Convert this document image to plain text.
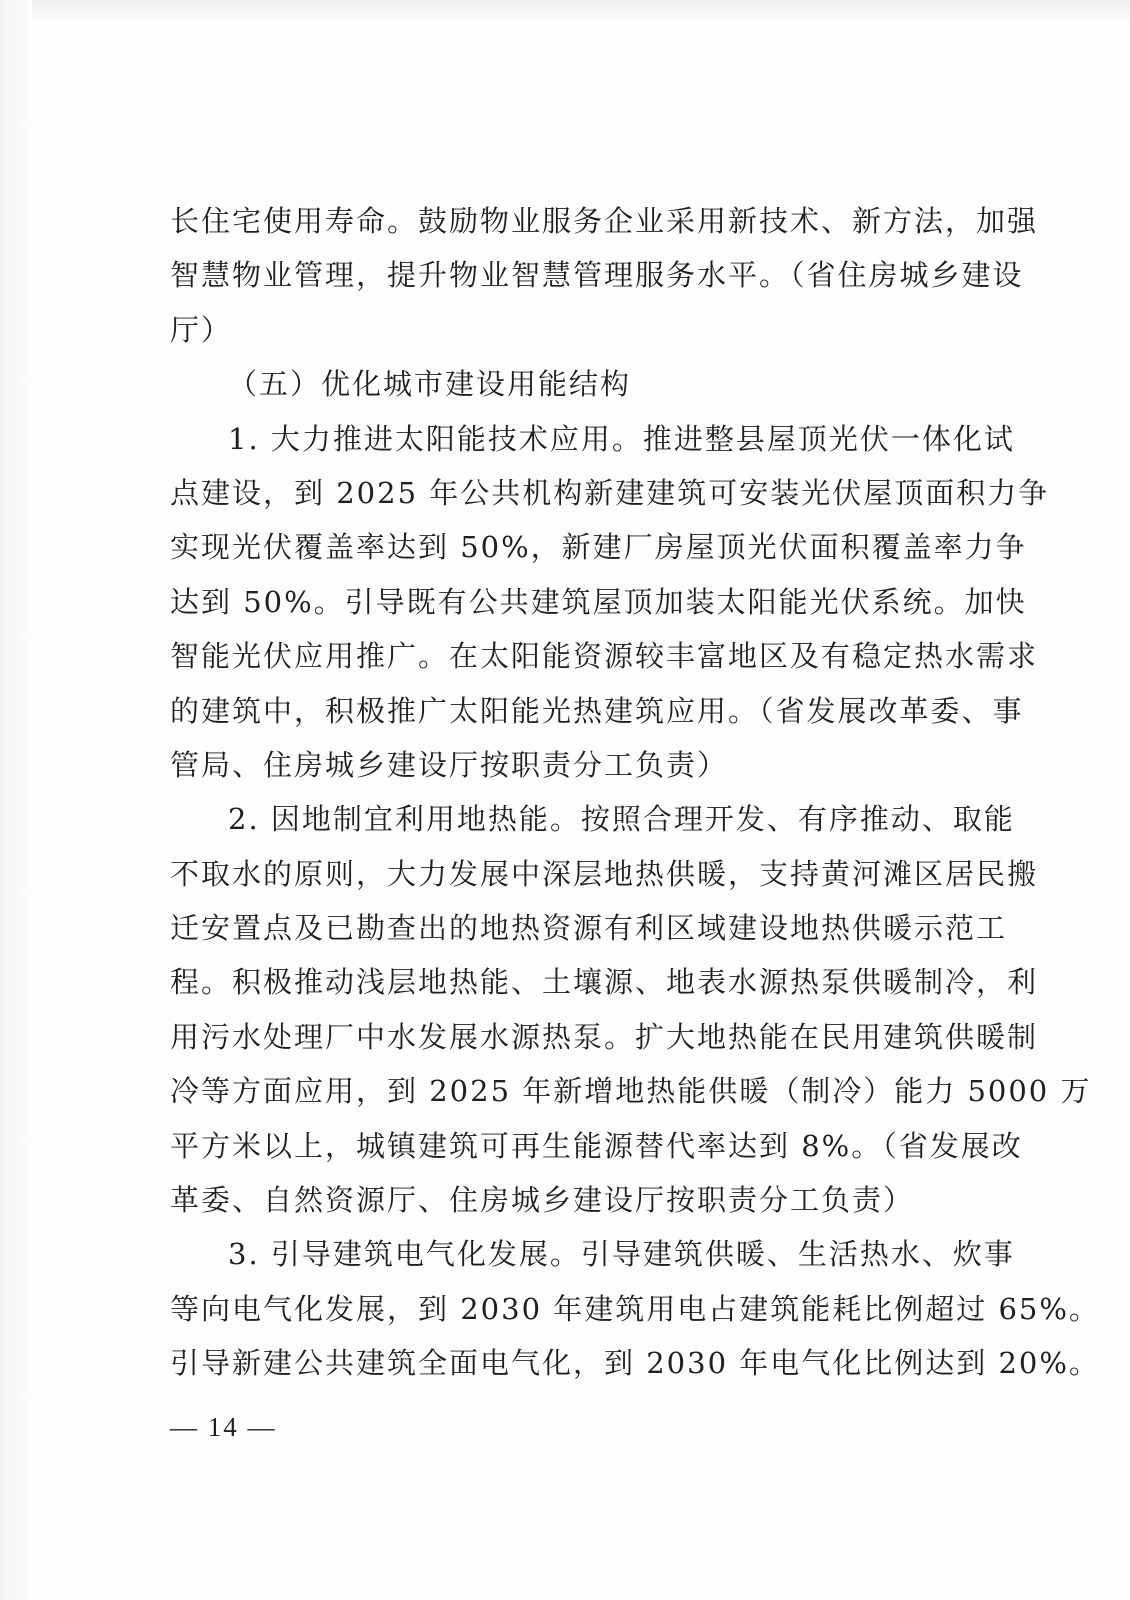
长住宅使用寿命。鼓励物业服务企业采用新技术、新方法，加强
智慧物业管理，提升物业智慧管理服务水平。（省住房城乡建设
厅）
（五）优化城市建设用能结构
1. 大力推进太阳能技术应用。推进整县屋顶光伏一体化试
点建设，到 2025 年公共机构新建建筑可安装光伏屋顶面积力争
实现光伏覆盖率达到 50%，新建厂房屋顶光伏面积覆盖率力争
达到 50%。引导既有公共建筑屋顶加装太阳能光伏系统。加快
智能光伏应用推广。在太阳能资源较丰富地区及有稳定热水需求
的建筑中，积极推广太阳能光热建筑应用。（省发展改革委、事
管局、住房城乡建设厅按职责分工负责）
2. 因地制宜利用地热能。按照合理开发、有序推动、取能
不取水的原则，大力发展中深层地热供暖，支持黄河滩区居民搬
迁安置点及已勘查出的地热资源有利区域建设地热供暖示范工
程。积极推动浅层地热能、土壤源、地表水源热泵供暖制冷，利
用污水处理厂中水发展水源热泵。扩大地热能在民用建筑供暖制
冷等方面应用，到 2025 年新增地热能供暖（制冷）能力 5000 万
平方米以上，城镇建筑可再生能源替代率达到 8%。（省发展改
革委、自然资源厅、住房城乡建设厅按职责分工负责）
3. 引导建筑电气化发展。引导建筑供暖、生活热水、炊事
等向电气化发展，到 2030 年建筑用电占建筑能耗比例超过 65%。
引导新建公共建筑全面电气化，到 2030 年电气化比例达到 20%。
— 14 —
